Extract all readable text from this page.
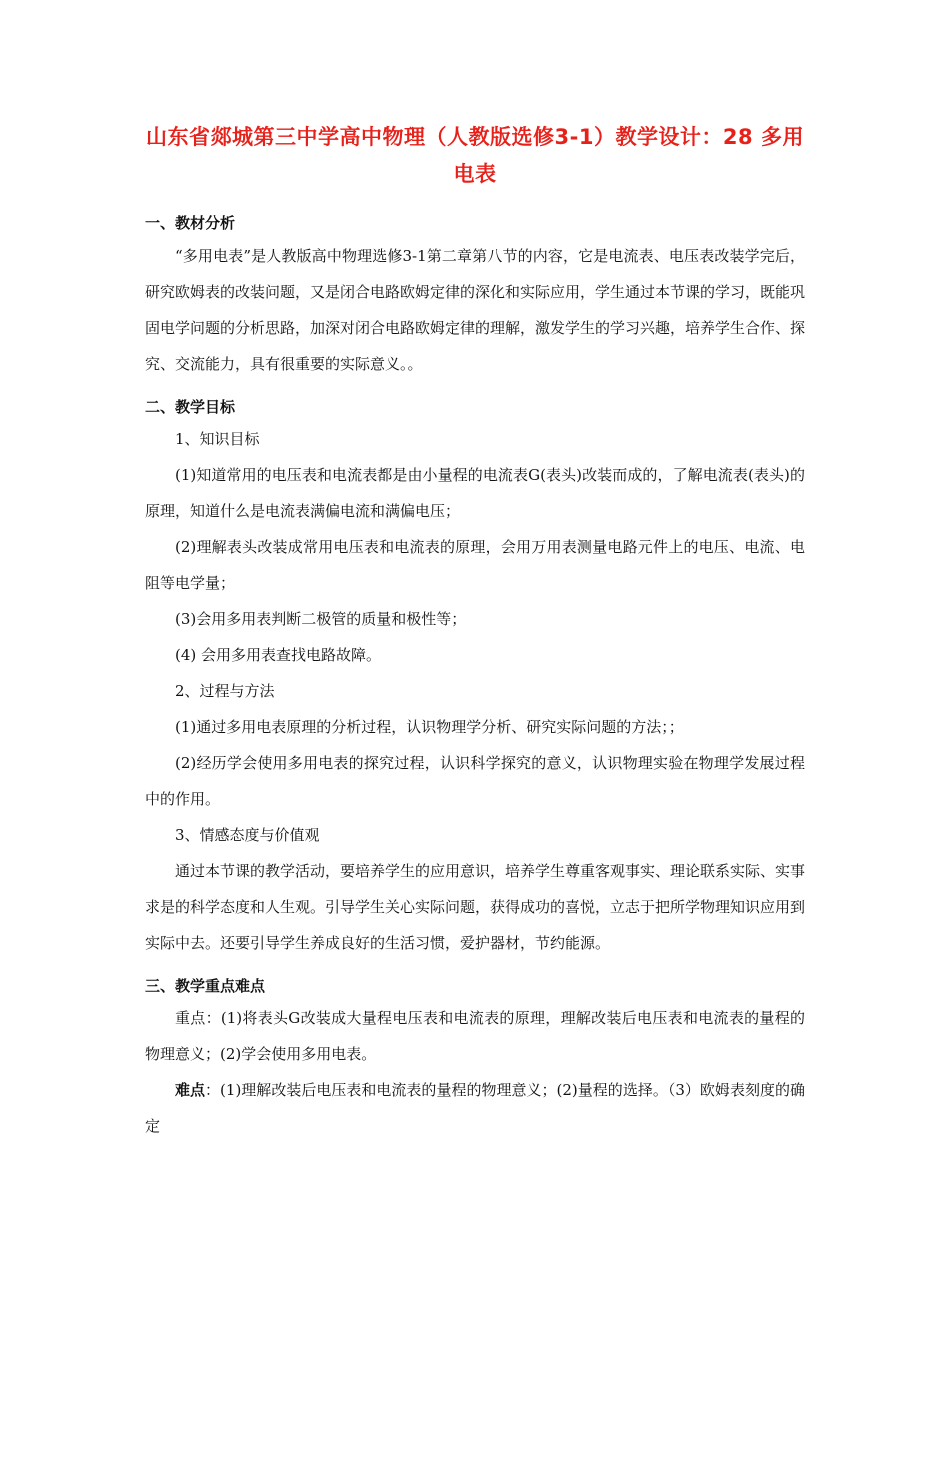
山东省郯城第三中学高中物理（人教版选修3-1）教学设计：28 多用电表
一、教材分析

“多用电表”是人教版高中物理选修3-1第二章第八节的内容，它是电流表、电压表改装学完后，研究欧姆表的改装问题，又是闭合电路欧姆定律的深化和实际应用，学生通过本节课的学习，既能巩固电学问题的分析思路，加深对闭合电路欧姆定律的理解，激发学生的学习兴趣，培养学生合作、探究、交流能力，具有很重要的实际意义。。

二、教学目标

1、知识目标

(1)知道常用的电压表和电流表都是由小量程的电流表G(表头)改装而成的，了解电流表(表头)的原理，知道什么是电流表满偏电流和满偏电压；

(2)理解表头改装成常用电压表和电流表的原理，会用万用表测量电路元件上的电压、电流、电阻等电学量；

(3)会用多用表判断二极管的质量和极性等；

(4) 会用多用表查找电路故障。

2、过程与方法

(1)通过多用电表原理的分析过程，认识物理学分析、研究实际问题的方法；；

(2)经历学会使用多用电表的探究过程，认识科学探究的意义，认识物理实验在物理学发展过程中的作用。

3、情感态度与价值观

通过本节课的教学活动，要培养学生的应用意识，培养学生尊重客观事实、理论联系实际、实事求是的科学态度和人生观。引导学生关心实际问题，获得成功的喜悦，立志于把所学物理知识应用到实际中去。还要引导学生养成良好的生活习惯，爱护器材，节约能源。

三、教学重点难点

重点：(1)将表头G改装成大量程电压表和电流表的原理，理解改装后电压表和电流表的量程的物理意义；(2)学会使用多用电表。

难点：(1)理解改装后电压表和电流表的量程的物理意义；(2)量程的选择。（3）欧姆表刻度的确定
